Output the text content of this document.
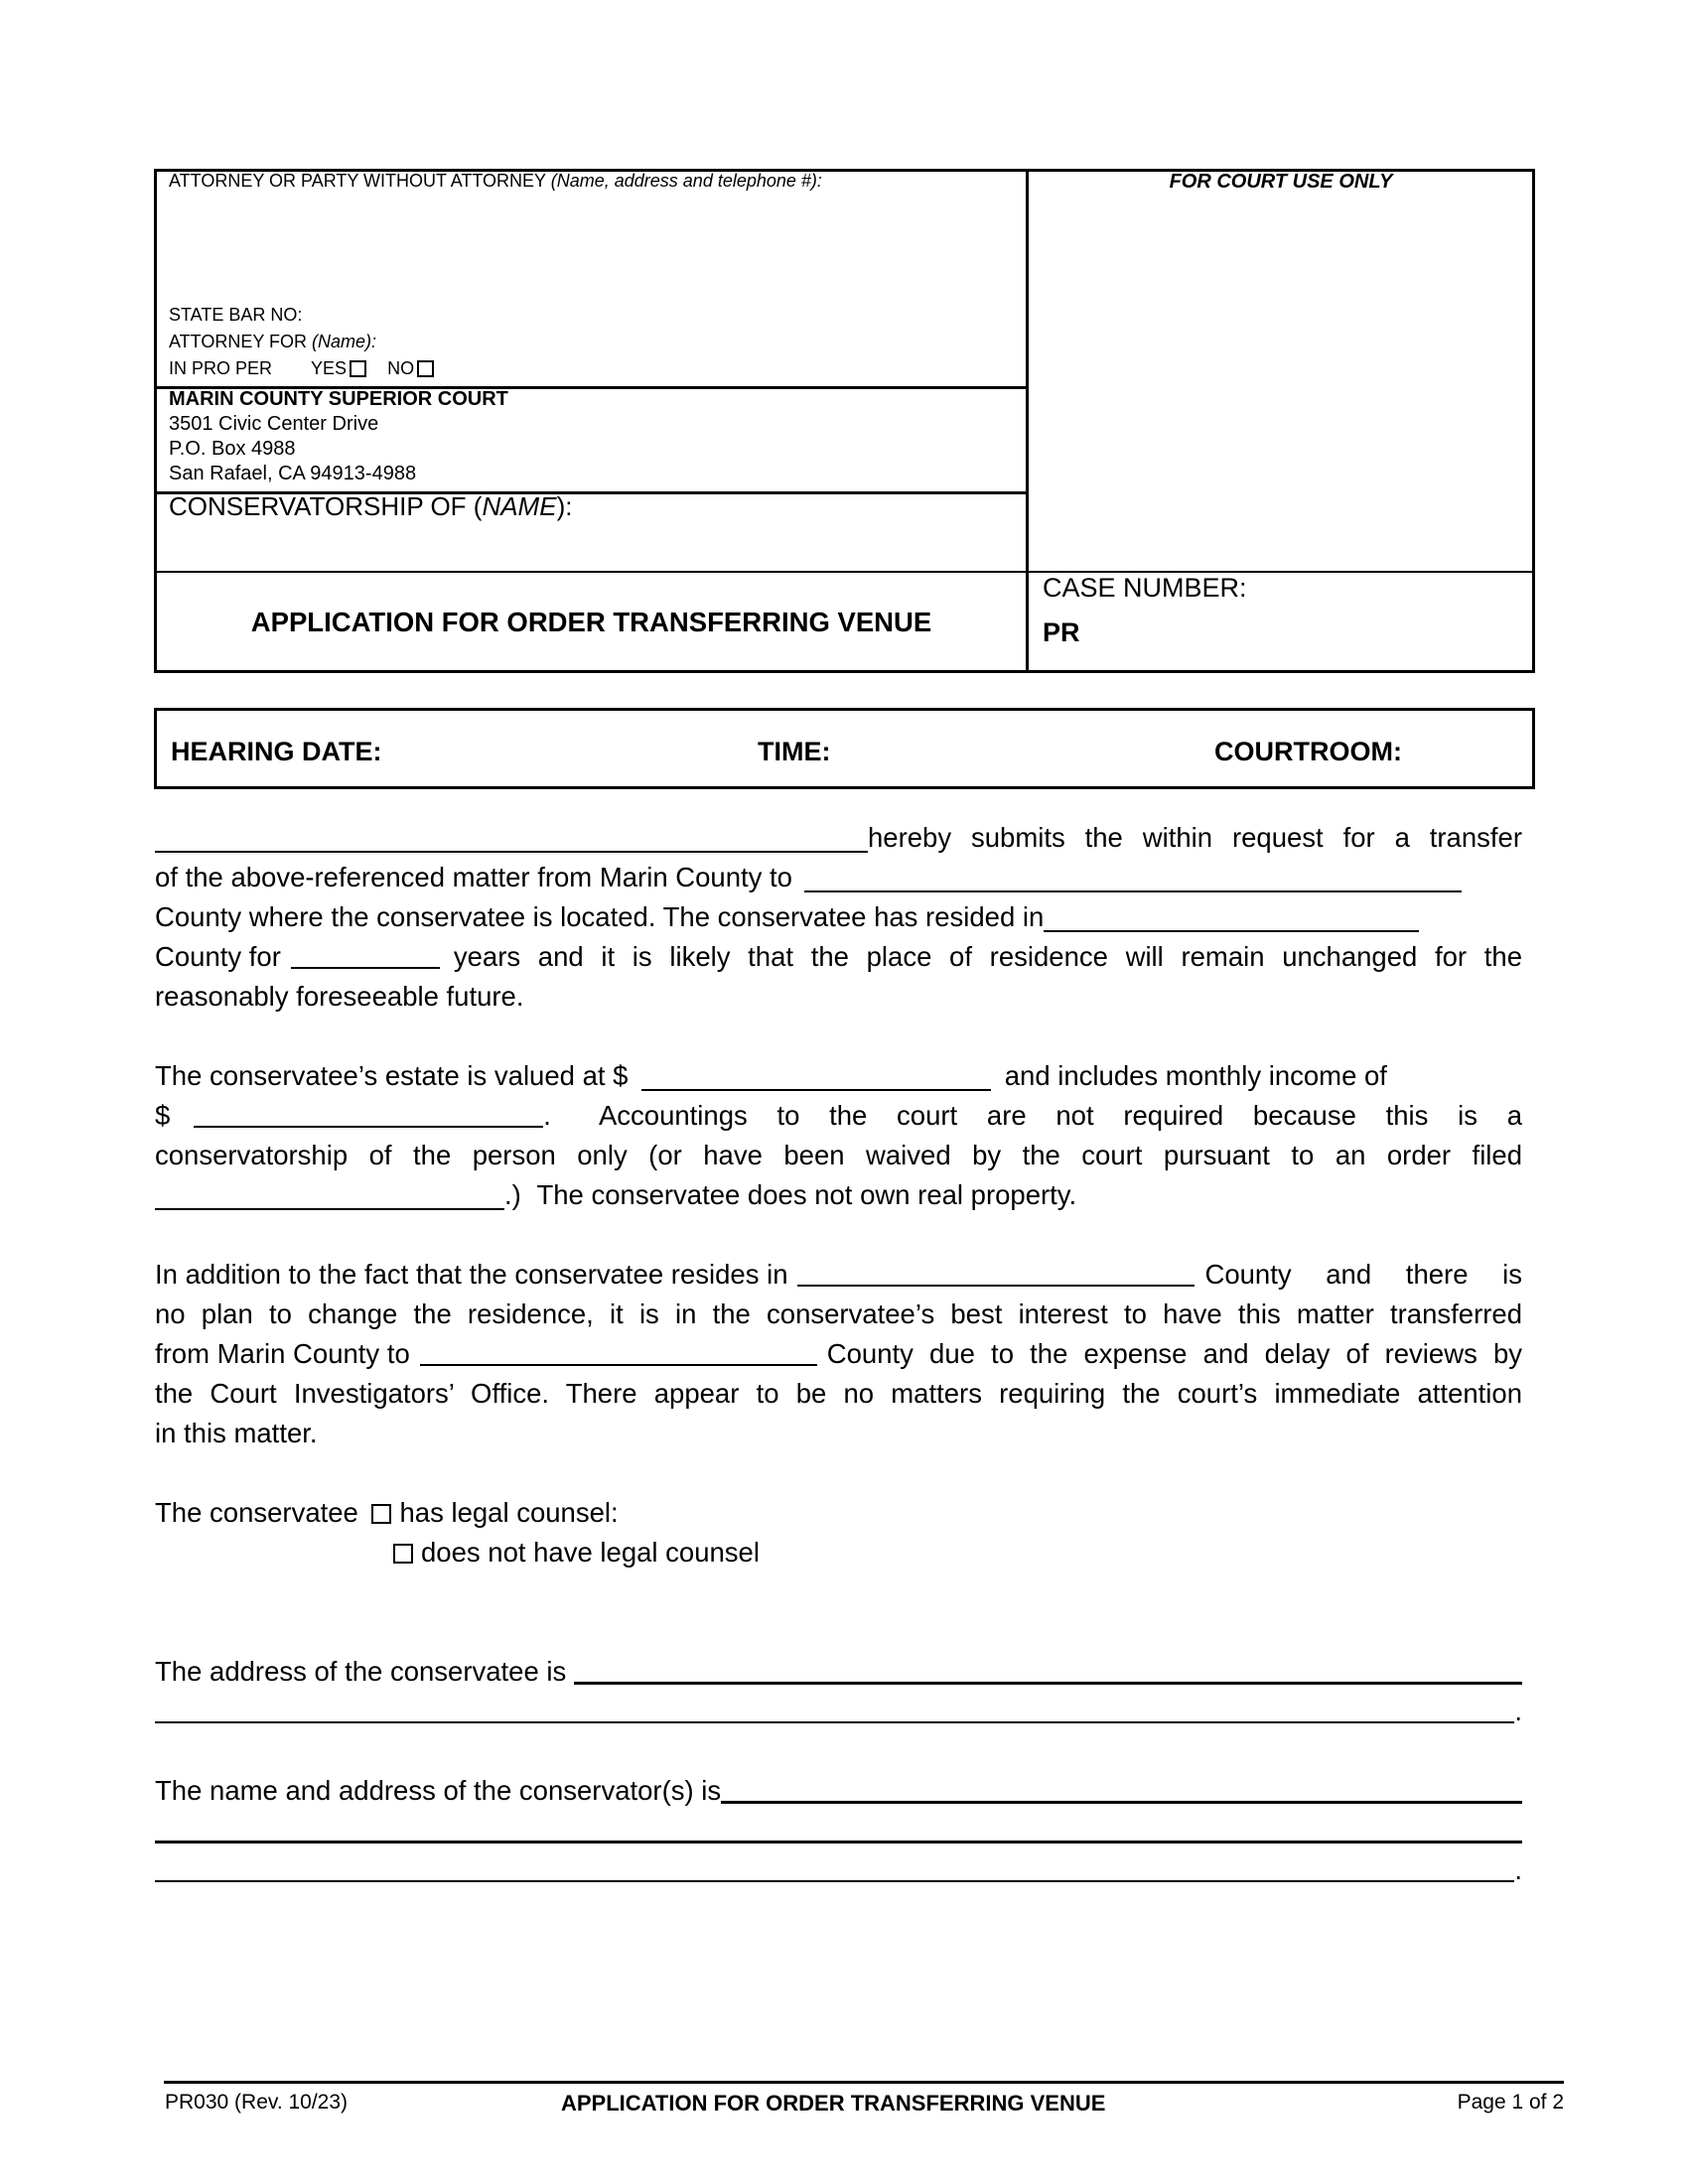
ATTORNEY OR PARTY WITHOUT ATTORNEY (Name, address and telephone #):
STATE BAR NO:
ATTORNEY FOR (Name):
IN PRO PER YES NO
MARIN COUNTY SUPERIOR COURT
3501 Civic Center Drive
P.O. Box 4988
San Rafael, CA 94913-4988
CONSERVATORSHIP OF (NAME):
APPLICATION FOR ORDER TRANSFERRING VENUE
FOR COURT USE ONLY
CASE NUMBER:
PR
HEARING DATE:	TIME:	COURTROOM:
hereby submits the within request for a transfer
of the above-referenced matter from Marin County to
County where the conservatee is located. The conservatee has resided in
County for	years and it is likely that the place of residence will remain unchanged for the
reasonably foreseeable future.
The conservatee’s estate is valued at $	and includes monthly income of
$	. Accountings to the court are not required because this is a
conservatorship of the person only (or have been waived by the court pursuant to an order filed
.) The conservatee does not own real property.
In addition to the fact that the conservatee resides in	County and there is
no plan to change the residence, it is in the conservatee’s best interest to have this matter transferred
from Marin County to	County due to the expense and delay of reviews by
the Court Investigators’ Office. There appear to be no matters requiring the court’s immediate attention
in this matter.
The conservatee has legal counsel:
does not have legal counsel
The address of the conservatee is
.
The name and address of the conservator(s) is
.
PR030 (Rev. 10/23)	APPLICATION FOR ORDER TRANSFERRING VENUE	Page 1 of 2
